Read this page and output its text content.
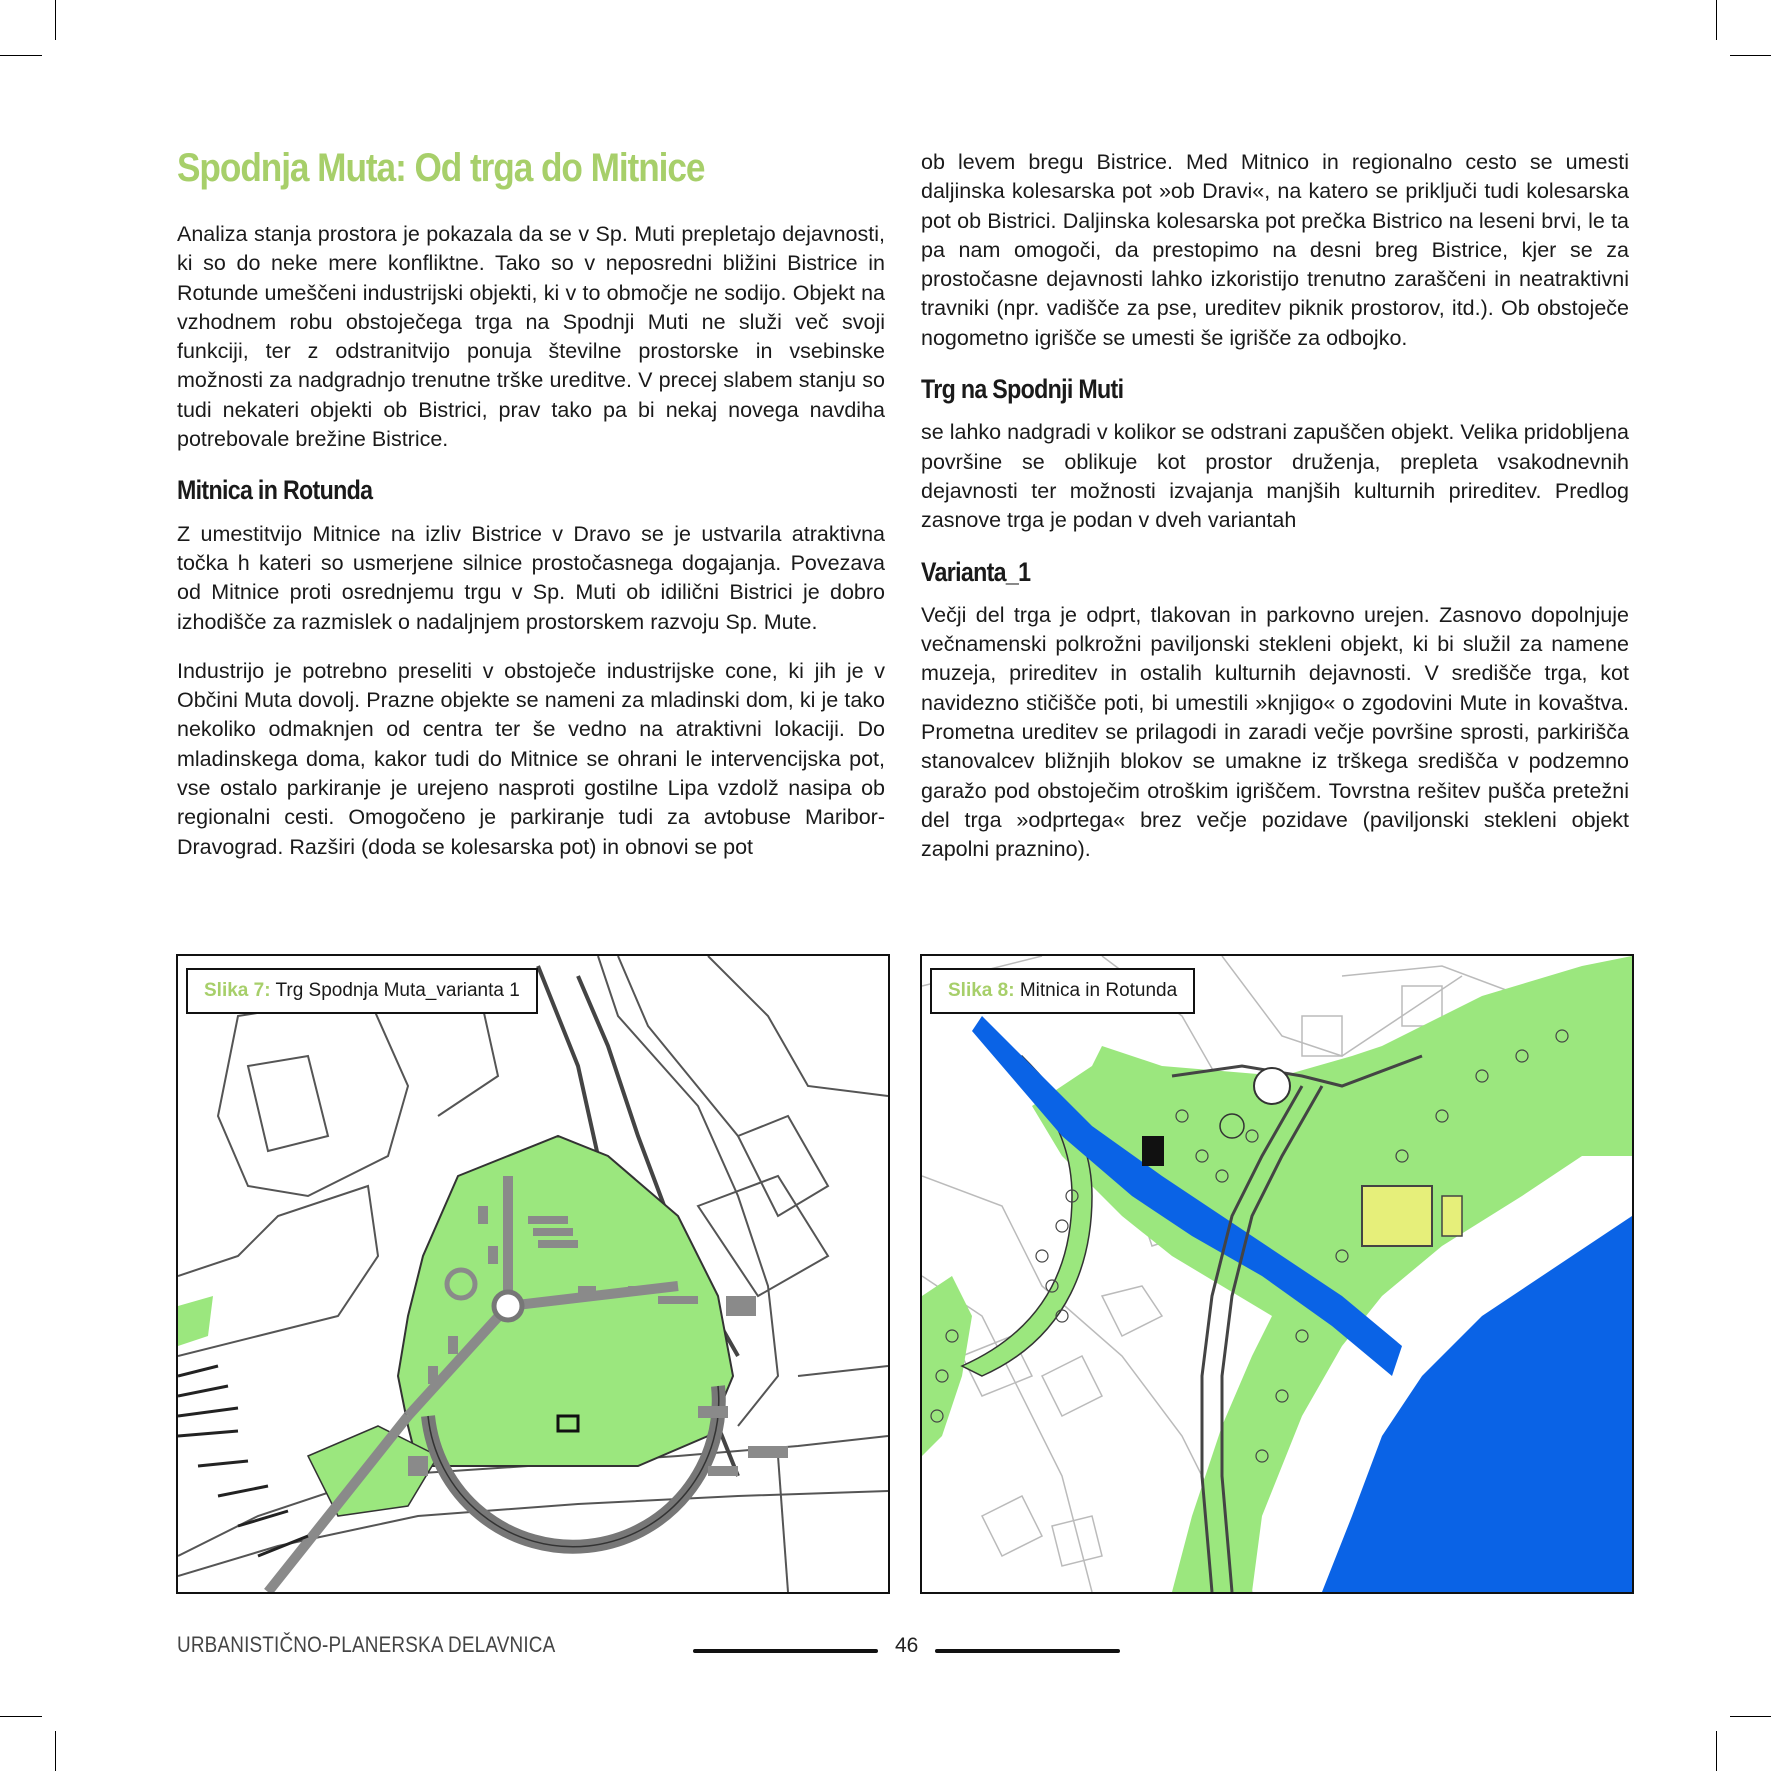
Spodnja Muta: Od trga do Mitnice

Analiza stanja prostora je pokazala da se v Sp. Muti prepletajo dejavnosti, ki so do neke mere konfliktne. Tako so v neposredni bližini Bistrice in Rotunde umeščeni industrijski objekti, ki v to območje ne sodijo. Objekt na vzhodnem robu obstoječega trga na Spodnji Muti ne služi več svoji funkciji, ter z odstranitvijo ponuja številne prostorske in vsebinske možnosti za nadgradnjo trenutne trške ureditve. V precej slabem stanju so tudi nekateri objekti ob Bistrici, prav tako pa bi nekaj novega navdiha potrebovale brežine Bistrice.

Mitnica in Rotunda

Z umestitvijo Mitnice na izliv Bistrice v Dravo se je ustvarila atraktivna točka h kateri so usmerjene silnice prostočasnega dogajanja. Povezava od Mitnice proti osrednjemu trgu v Sp. Muti ob idilični Bistrici je dobro izhodišče za razmislek o nadaljnjem prostorskem razvoju Sp. Mute.

Industrijo je potrebno preseliti v obstoječe industrijske cone, ki jih je v Občini Muta dovolj. Prazne objekte se nameni za mladinski dom, ki je tako nekoliko odmaknjen od centra ter še vedno na atraktivni lokaciji. Do mladinskega doma, kakor tudi do Mitnice se ohrani le intervencijska pot, vse ostalo parkiranje je urejeno nasproti gostilne Lipa vzdolž nasipa ob regionalni cesti. Omogočeno je parkiranje tudi za avtobuse Maribor-Dravograd. Razširi (doda se kolesarska pot) in obnovi se pot

ob levem bregu Bistrice. Med Mitnico in regionalno cesto se umesti daljinska kolesarska pot »ob Dravi«, na katero se priključi tudi kolesarska pot ob Bistrici. Daljinska kolesarska pot prečka Bistrico na leseni brvi, le ta pa nam omogoči, da prestopimo na desni breg Bistrice, kjer se za prostočasne dejavnosti lahko izkoristijo trenutno zaraščeni in neatraktivni travniki (npr. vadišče za pse, ureditev piknik prostorov, itd.). Ob obstoječe nogometno igrišče se umesti še igrišče za odbojko.

Trg na Spodnji Muti

se lahko nadgradi v kolikor se odstrani zapuščen objekt. Velika pridobljena površine se oblikuje kot prostor druženja, prepleta vsakodnevnih dejavnosti ter možnosti izvajanja manjših kulturnih prireditev. Predlog zasnove trga je podan v dveh variantah

Varianta_1

Večji del trga je odprt, tlakovan in parkovno urejen. Zasnovo dopolnjuje večnamenski polkrožni paviljonski stekleni objekt, ki bi služil za namene muzeja, prireditev in ostalih kulturnih dejavnosti. V središče trga, kot navidezno stičišče poti, bi umestili »knjigo« o zgodovini Mute in kovaštva. Prometna ureditev se prilagodi in zaradi večje površine sprosti, parkirišča stanovalcev bližnjih blokov se umakne iz trškega središča v podzemno garažo pod obstoječim otroškim igriščem. Tovrstna rešitev pušča pretežni del trga »odprtega« brez večje pozidave (paviljonski stekleni objekt zapolni praznino).

Slika 7: Trg Spodnja Muta_varianta 1	Slika 8: Mitnica in Rotunda
URBANISTIČNO-PLANERSKA DELAVNICA	46
